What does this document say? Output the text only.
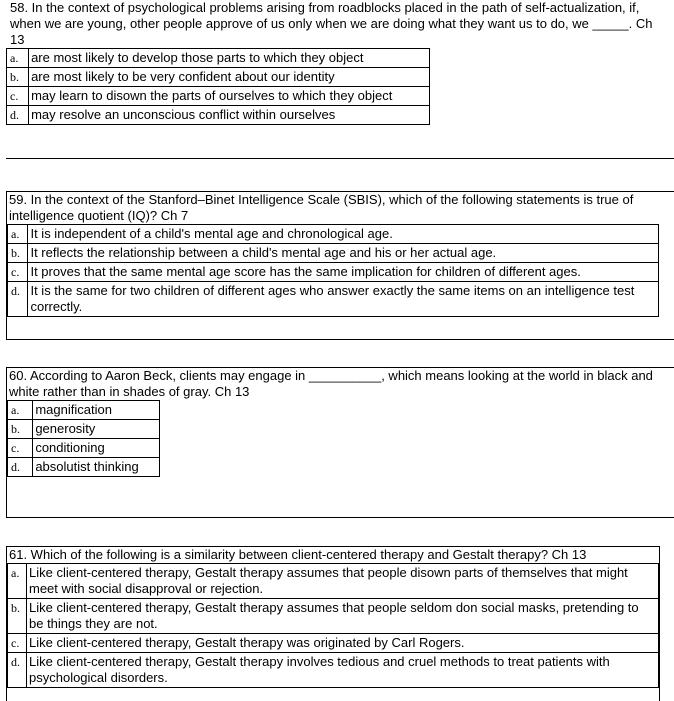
58. In the context of psychological problems arising from roadblocks placed in the path of self-actualization, if, when we are young, other people approve of us only when we are doing what they want us to do, we _____. Ch 13
a.	are most likely to develop those parts to which they object
b.	are most likely to be very confident about our identity
c.	may learn to disown the parts of ourselves to which they object
d.	may resolve an unconscious conflict within ourselves
59. In the context of the Stanford–Binet Intelligence Scale (SBIS), which of the following statements is true of intelligence quotient (IQ)? Ch 7
a.	It is independent of a child's mental age and chronological age.
b.	It reflects the relationship between a child's mental age and his or her actual age.
c.	It proves that the same mental age score has the same implication for children of different ages.
d.	It is the same for two children of different ages who answer exactly the same items on an intelligence test correctly.
60. According to Aaron Beck, clients may engage in __________, which means looking at the world in black and white rather than in shades of gray. Ch 13
a.	magnification
b.	generosity
c.	conditioning
d.	absolutist thinking
61. Which of the following is a similarity between client-centered therapy and Gestalt therapy? Ch 13
a.	Like client-centered therapy, Gestalt therapy assumes that people disown parts of themselves that might meet with social disapproval or rejection.
b.	Like client-centered therapy, Gestalt therapy assumes that people seldom don social masks, pretending to be things they are not.
c.	Like client-centered therapy, Gestalt therapy was originated by Carl Rogers.
d.	Like client-centered therapy, Gestalt therapy involves tedious and cruel methods to treat patients with psychological disorders.
